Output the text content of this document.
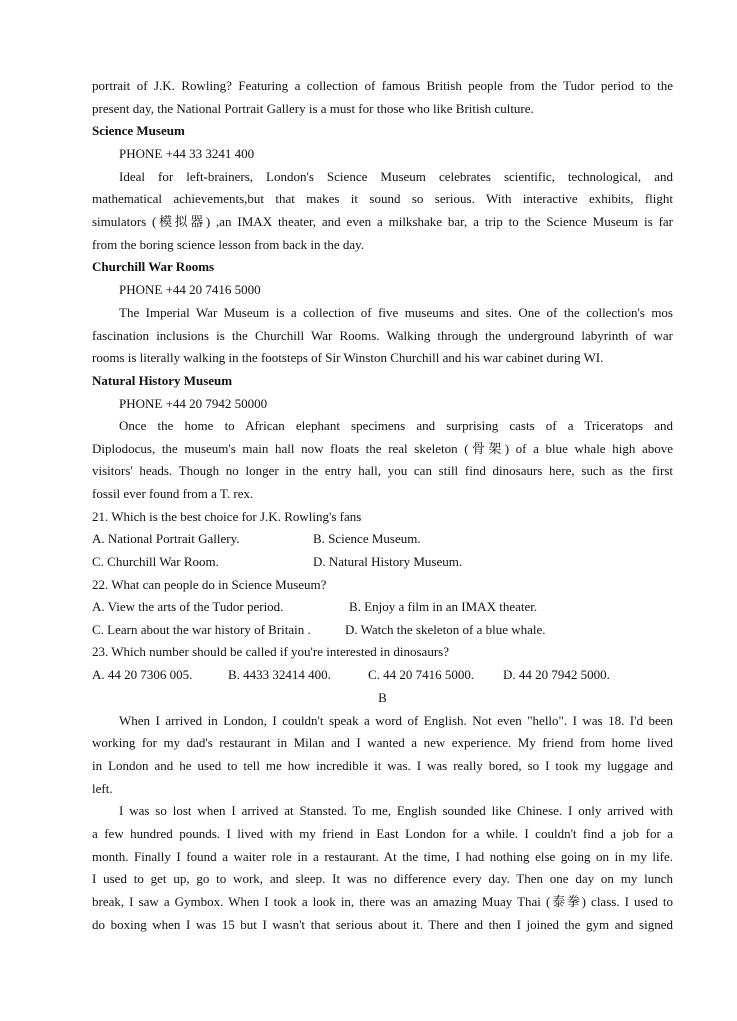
portrait of J.K. Rowling? Featuring a collection of famous British people from the Tudor period to the
present day, the National Portrait Gallery is a must for those who like British culture.
Science Museum
PHONE +44 33 3241 400
Ideal for left-brainers, London's Science Museum celebrates scientific, technological, and
mathematical achievements,but that makes it sound so serious. With interactive exhibits, flight
simulators (模拟器) ,an IMAX theater, and even a milkshake bar, a trip to the Science Museum is far
from the boring science lesson from back in the day.
Churchill War Rooms
PHONE +44 20 7416 5000
The Imperial War Museum is a collection of five museums and sites. One of the collection's mos
fascination inclusions is the Churchill War Rooms. Walking through the underground labyrinth of war
rooms is literally walking in the footsteps of Sir Winston Churchill and his war cabinet during WI.
Natural History Museum
PHONE +44 20 7942 50000
Once the home to African elephant specimens and surprising casts of a Triceratops and
Diplodocus, the museum's main hall now floats the real skeleton (骨架) of a blue whale high above
visitors' heads. Though no longer in the entry hall, you can still find dinosaurs here, such as the first
fossil ever found from a T. rex.
21. Which is the best choice for J.K. Rowling's fans
A. National Portrait Gallery.	B. Science Museum.
C. Churchill War Room.	D. Natural History Museum.
22. What can people do in Science Museum?
A. View the arts of the Tudor period.	B. Enjoy a film in an IMAX theater.
C. Learn about the war history of Britain .	D. Watch the skeleton of a blue whale.
23. Which number should be called if you're interested in dinosaurs?
A. 44 20 7306 005.	B. 4433 32414 400.	C. 44 20 7416 5000. D. 44 20 7942 5000.
B
When I arrived in London, I couldn't speak a word of English. Not even "hello". I was 18. I'd been
working for my dad's restaurant in Milan and I wanted a new experience. My friend from home lived
in London and he used to tell me how incredible it was. I was really bored, so I took my luggage and
left.
I was so lost when I arrived at Stansted. To me, English sounded like Chinese. I only arrived with
a few hundred pounds. I lived with my friend in East London for a while. I couldn't find a job for a
month. Finally I found a waiter role in a restaurant. At the time, I had nothing else going on in my life.
I used to get up, go to work, and sleep. It was no difference every day. Then one day on my lunch
break, I saw a Gymbox. When I took a look in, there was an amazing Muay Thai (泰拳) class. I used to
do boxing when I was 15 but I wasn't that serious about it. There and then I joined the gym and signed
